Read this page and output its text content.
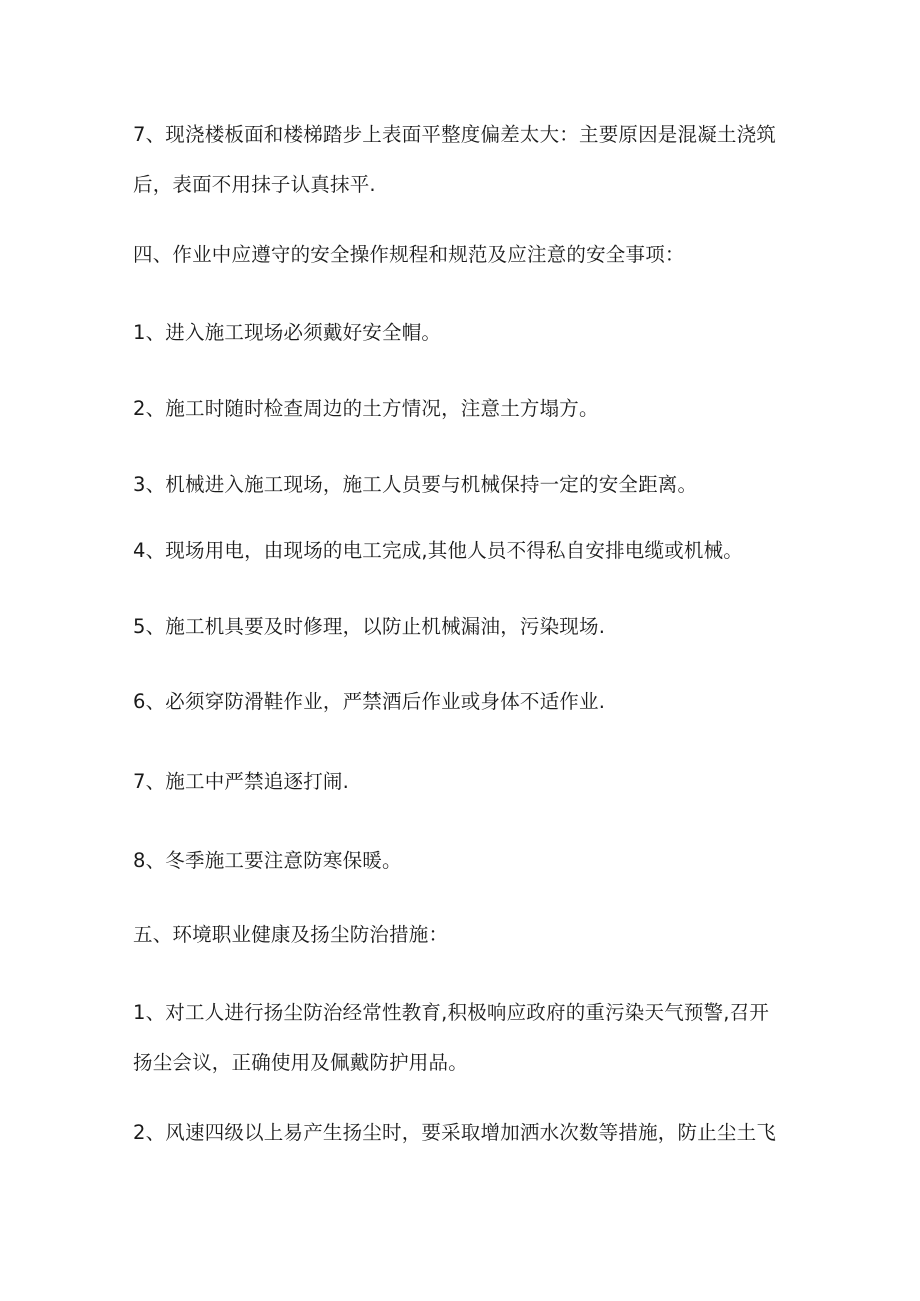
7、现浇楼板面和楼梯踏步上表面平整度偏差太大：主要原因是混凝土浇筑
后，表面不用抹子认真抹平.
四、作业中应遵守的安全操作规程和规范及应注意的安全事项：
1、进入施工现场必须戴好安全帽。
2、施工时随时检查周边的土方情况，注意土方塌方。
3、机械进入施工现场，施工人员要与机械保持一定的安全距离。
4、现场用电，由现场的电工完成,其他人员不得私自安排电缆或机械。
5、施工机具要及时修理，以防止机械漏油，污染现场.
6、必须穿防滑鞋作业，严禁酒后作业或身体不适作业.
7、施工中严禁追逐打闹.
8、冬季施工要注意防寒保暖。
五、环境职业健康及扬尘防治措施：
1、对工人进行扬尘防治经常性教育,积极响应政府的重污染天气预警,召开
扬尘会议，正确使用及佩戴防护用品。
2、风速四级以上易产生扬尘时，要采取增加洒水次数等措施，防止尘土飞
